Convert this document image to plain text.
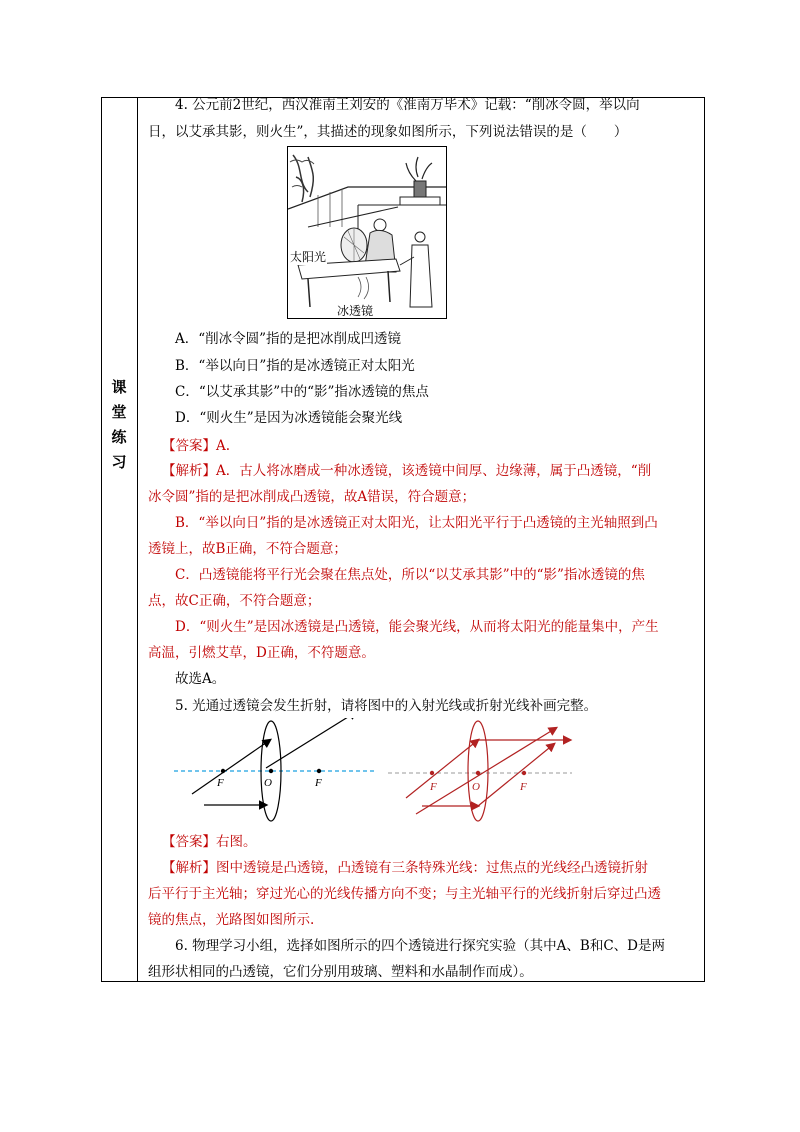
课
堂
练
习
4. 公元前2世纪，西汉淮南王刘安的《淮南万毕术》记载：“削冰令圆，举以向
日，以艾承其影，则火生”，其描述的现象如图所示，下列说法错误的是（　　）
A．“削冰令圆”指的是把冰削成凹透镜
B．“举以向日”指的是冰透镜正对太阳光
C．“以艾承其影”中的“影”指冰透镜的焦点
D．“则火生”是因为冰透镜能会聚光线
【答案】A.
【解析】A．古人将冰磨成一种冰透镜，该透镜中间厚、边缘薄，属于凸透镜，“削
冰令圆”指的是把冰削成凸透镜，故A错误，符合题意；
B．“举以向日”指的是冰透镜正对太阳光，让太阳光平行于凸透镜的主光轴照到凸
透镜上，故B正确，不符合题意；
C．凸透镜能将平行光会聚在焦点处，所以“以艾承其影”中的“影”指冰透镜的焦
点，故C正确，不符合题意；
D．“则火生”是因冰透镜是凸透镜，能会聚光线，从而将太阳光的能量集中，产生
高温，引燃艾草，D正确，不符题意。
故选A。
5. 光通过透镜会发生折射，请将图中的入射光线或折射光线补画完整。
【答案】右图。
【解析】图中透镜是凸透镜，凸透镜有三条特殊光线：过焦点的光线经凸透镜折射
后平行于主光轴；穿过光心的光线传播方向不变；与主光轴平行的光线折射后穿过凸透
镜的焦点，光路图如图所示.
6. 物理学习小组，选择如图所示的四个透镜进行探究实验（其中A、B和C、D是两
组形状相同的凸透镜，它们分别用玻璃、塑料和水晶制作而成）。
太阳光
冰透镜
F	O	F	F	O	F
